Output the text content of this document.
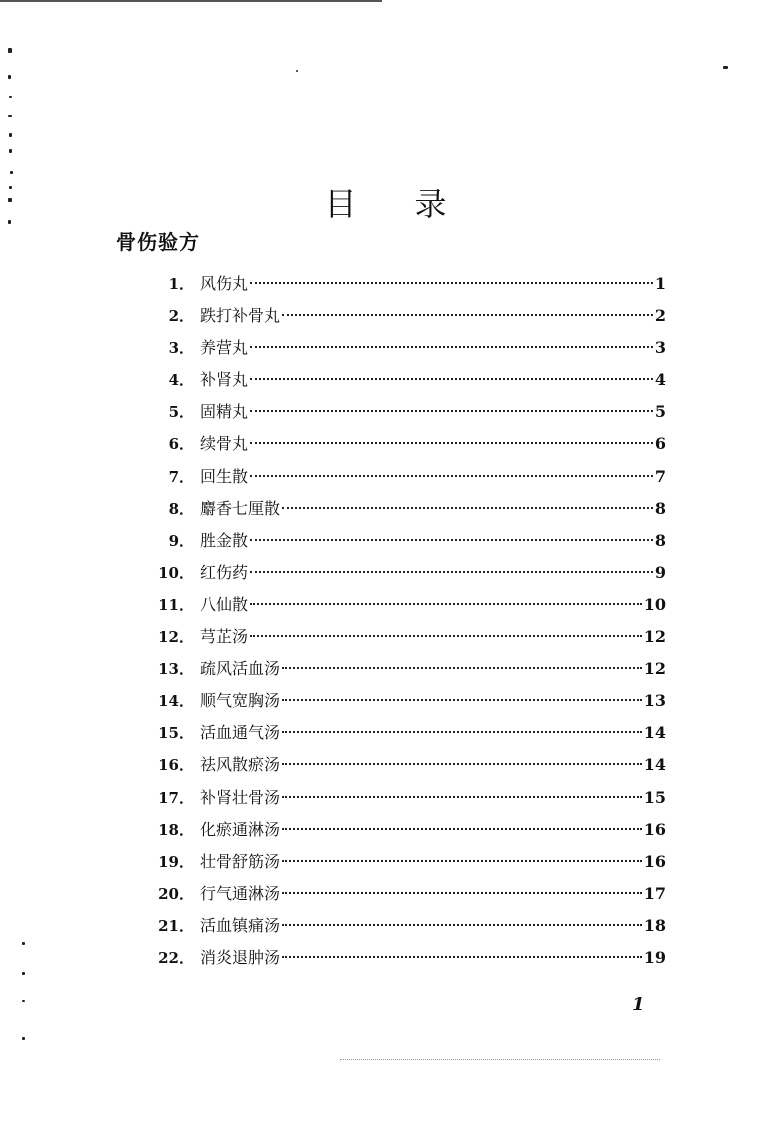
目 录
骨伤验方
1． 风伤丸	1
2． 跌打补骨丸	2
3． 养营丸	3
4． 补肾丸	4
5． 固精丸	5
6． 续骨丸	6
7． 回生散	7
8． 麝香七厘散	8
9． 胜金散	8
10． 红伤药	9
11． 八仙散	10
12． 芎芷汤	12
13． 疏风活血汤	12
14． 顺气宽胸汤	13
15． 活血通气汤	14
16． 祛风散瘀汤	14
17． 补肾壮骨汤	15
18． 化瘀通淋汤	16
19． 壮骨舒筋汤	16
20． 行气通淋汤	17
21． 活血镇痛汤	18
22． 消炎退肿汤	19
1
